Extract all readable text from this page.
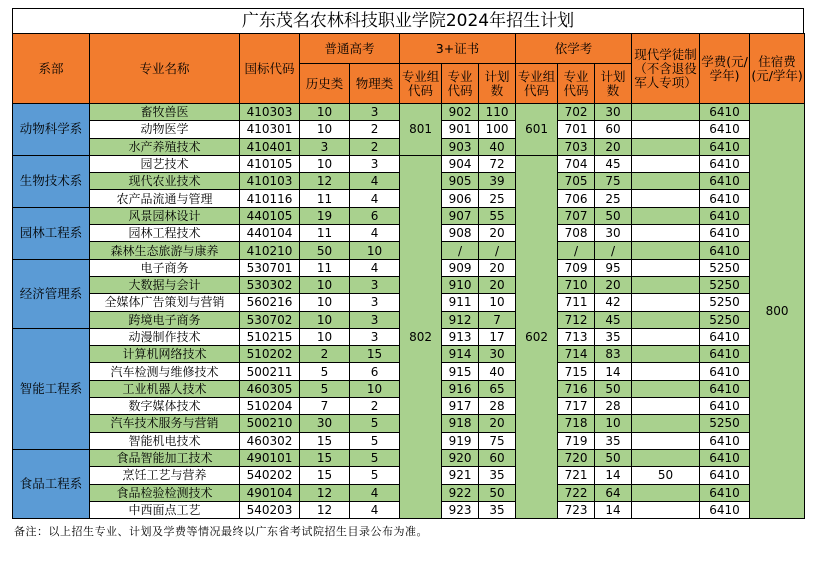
广东茂名农林科技职业学院2024年招生计划
系部	专业名称	国标代码	普通高考		3+证书			依学考			现代学徒制（不含退役军人专项）	学费(元/学年)	住宿费(元/学年)
			历史类	物理类	专业组代码	专业代码	计划数	专业组代码	专业代码	计划数			
动物科学系	畜牧兽医	410303	10	3	801	902	110	601	702	30		6410	800
	动物医学	410301	10	2		901	100		701	60		6410	
	水产养殖技术	410401	3	2		903	40		703	20		6410	
生物技术系	园艺技术	410105	10	3	802	904	72	602	704	45		6410	
	现代农业技术	410103	12	4		905	39		705	75		6410	
	农产品流通与管理	410116	11	4		906	25		706	25		6410	
园林工程系	风景园林设计	440105	19	6		907	55		707	50		6410	
	园林工程技术	440104	11	4		908	20		708	30		6410	
	森林生态旅游与康养	410210	50	10		/	/		/	/		6410	
经济管理系	电子商务	530701	11	4		909	20		709	95		5250	
	大数据与会计	530302	10	3		910	20		710	20		5250	
	全媒体广告策划与营销	560216	10	3		911	10		711	42		5250	
	跨境电子商务	530702	10	3		912	7		712	45		5250	
智能工程系	动漫制作技术	510215	10	3		913	17		713	35		6410	
	计算机网络技术	510202	2	15		914	30		714	83		6410	
	汽车检测与维修技术	500211	5	6		915	40		715	14		6410	
	工业机器人技术	460305	5	10		916	65		716	50		6410	
	数字媒体技术	510204	7	2		917	28		717	28		6410	
	汽车技术服务与营销	500210	30	5		918	20		718	10		5250	
	智能机电技术	460302	15	5		919	75		719	35		6410	
食品工程系	食品智能加工技术	490101	15	5		920	60		720	50		6410	
	烹饪工艺与营养	540202	15	5		921	35		721	14	50	6410	
	食品检验检测技术	490104	12	4		922	50		722	64		6410	
	中西面点工艺	540203	12	4		923	35		723	14		6410	
备注：以上招生专业、计划及学费等情况最终以广东省考试院招生目录公布为准。
